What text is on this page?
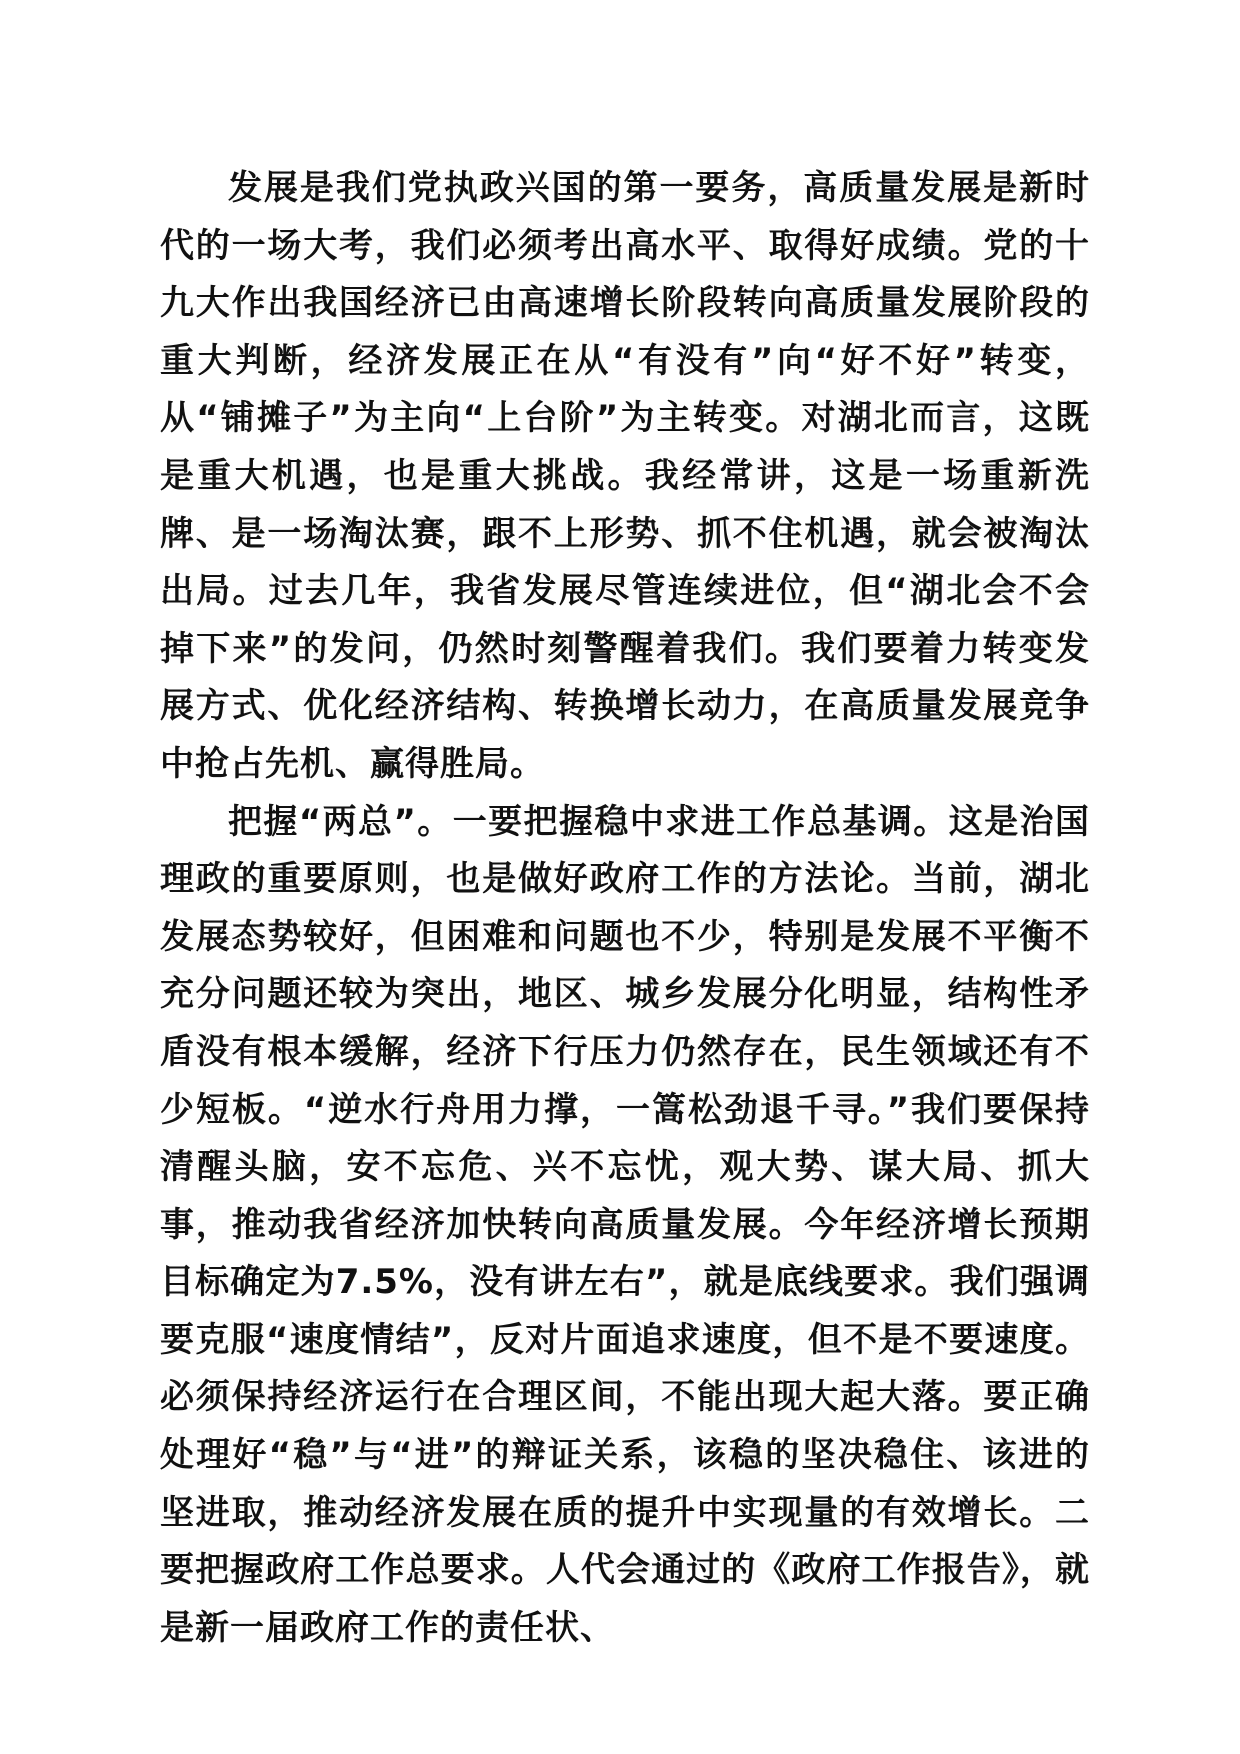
发展是我们党执政兴国的第一要务，高质量发展是新时代的一场大考，我们必须考出高水平、取得好成绩。党的十九大作出我国经济已由高速增长阶段转向高质量发展阶段的重大判断，经济发展正在从“有没有”向“好不好”转变，从“铺摊子”为主向“上台阶”为主转变。对湖北而言，这既是重大机遇，也是重大挑战。我经常讲，这是一场重新洗牌、是一场淘汰赛，跟不上形势、抓不住机遇，就会被淘汰出局。过去几年，我省发展尽管连续进位，但“湖北会不会掉下来”的发问，仍然时刻警醒着我们。我们要着力转变发展方式、优化经济结构、转换增长动力，在高质量发展竞争中抢占先机、赢得胜局。

把握“两总”。一要把握稳中求进工作总基调。这是治国理政的重要原则，也是做好政府工作的方法论。当前，湖北发展态势较好，但困难和问题也不少，特别是发展不平衡不充分问题还较为突出，地区、城乡发展分化明显，结构性矛盾没有根本缓解，经济下行压力仍然存在，民生领域还有不少短板。“逆水行舟用力撑，一篙松劲退千寻。”我们要保持清醒头脑，安不忘危、兴不忘忧，观大势、谋大局、抓大事，推动我省经济加快转向高质量发展。今年经济增长预期目标确定为7.5%，没有讲左右”，就是底线要求。我们强调要克服“速度情结”，反对片面追求速度，但不是不要速度。必须保持经济运行在合理区间，不能出现大起大落。要正确处理好“稳”与“进”的辩证关系，该稳的坚决稳住、该进的坚进取，推动经济发展在质的提升中实现量的有效增长。二要把握政府工作总要求。人代会通过的《政府工作报告》，就是新一届政府工作的责任状、
